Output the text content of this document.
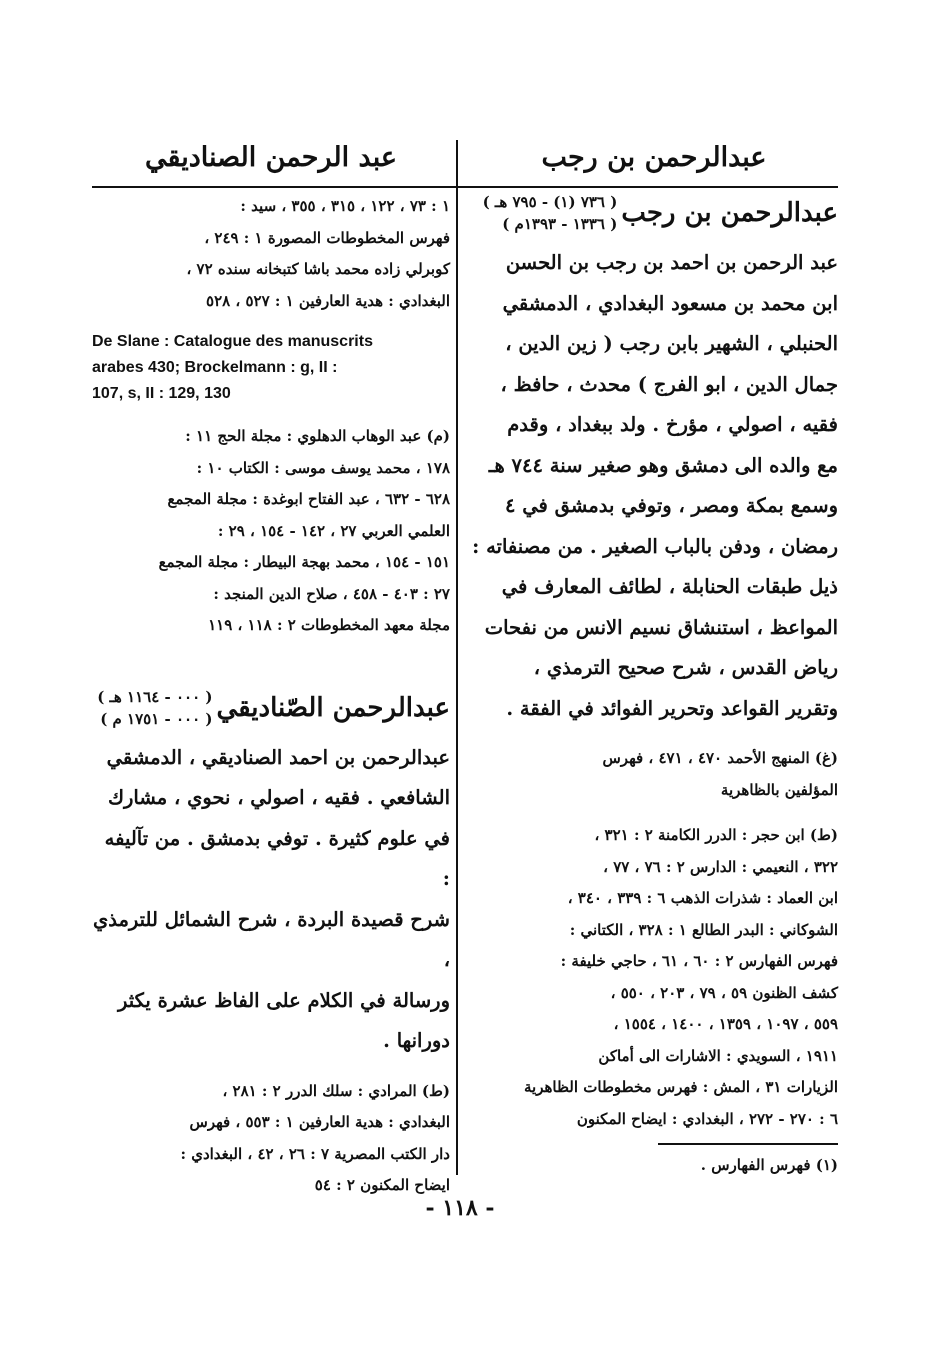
عبدالرحمن بن رجب
عبدالرحمن بن رجب
( ٧٣٦ (١) - ٧٩٥ هـ )
( ١٣٣٦ - ١٣٩٣م )

عبد الرحمن بن احمد بن رجب بن الحسن

ابن محمد بن مسعود البغدادي ، الدمشقي

الحنبلي ، الشهير بابن رجب ( زين الدين ،

جمال الدين ، ابو الفرج ) محدث ، حافظ ،

فقيه ، اصولي ، مؤرخ . ولد ببغداد ، وقدم

مع والده الى دمشق وهو صغير سنة ٧٤٤ هـ

وسمع بمكة ومصر ، وتوفي بدمشق في ٤

رمضان ، ودفن بالباب الصغير . من مصنفاته :

ذيل طبقات الحنابلة ، لطائف المعارف في

المواعظ ، استنشاق نسيم الانس من نفحات

رياض القدس ، شرح صحيح الترمذي ،

وتقرير القواعد وتحرير الفوائد في الفقة .

(غ) المنهج الأحمد ٤٧٠ ، ٤٧١ ، فهرس

المؤلفين بالظاهرية

(ط) ابن حجر : الدرر الكامنة ٢ : ٣٢١ ،

٣٢٢ ، النعيمي : الدارس ٢ : ٧٦ ، ٧٧ ،

ابن العماد : شذرات الذهب ٦ : ٣٣٩ ، ٣٤٠ ،

الشوكاني : البدر الطالع ١ : ٣٢٨ ، الكتاني :

فهرس الفهارس ٢ : ٦٠ ، ٦١ ، حاجي خليفة :

كشف الظنون ٥٩ ، ٧٩ ، ٢٠٣ ، ٥٥٠ ،

٥٥٩ ، ١٠٩٧ ، ١٣٥٩ ، ١٤٠٠ ، ١٥٥٤ ،

١٩١١ ، السويدي : الاشارات الى أماكن

الزيارات ٣١ ، المش : فهرس مخطوطات الظاهرية

٦ : ٢٧٠ - ٢٧٢ ، البغدادي : ايضاح المكنون

(١) فهرس الفهارس .
عبد الرحمن الصناديقي

١ : ٧٣ ، ١٢٢ ، ٣١٥ ، ٣٥٥ ، سيد :

فهرس المخطوطات المصورة ١ : ٢٤٩ ،

كوبرلي زاده محمد باشا كتبخانه سنده ٧٢ ،

البغدادي : هدية العارفين ١ : ٥٢٧ ، ٥٢٨

De Slane : Catalogue des manuscrits

arabes 430; Brockelmann : g, II :

107, s, II : 129, 130

(م) عبد الوهاب الدهلوي : مجلة الحج ١١ :

١٧٨ ، محمد يوسف موسى : الكتاب ١٠ :

٦٢٨ - ٦٣٢ ، عبد الفتاح ابوغدة : مجلة المجمع

العلمي العربي ٢٧ ، ١٤٢ - ١٥٤ ، ٢٩ :

١٥١ - ١٥٤ ، محمد بهجة البيطار : مجلة المجمع

٢٧ : ٤٠٣ - ٤٥٨ ، صلاح الدين المنجد :

مجلة معهد المخطوطات ٢ : ١١٨ ، ١١٩

عبدالرحمن الصّناديقي
( ٠٠٠ - ١١٦٤ هـ )
( ٠٠٠ - ١٧٥١ م )

عبدالرحمن بن احمد الصناديقي ، الدمشقي

الشافعي . فقيه ، اصولي ، نحوي ، مشارك

في علوم كثيرة . توفي بدمشق . من تآليفه :

شرح قصيدة البردة ، شرح الشمائل للترمذي ،

ورسالة في الكلام على الفاظ عشرة يكثر

دورانها .

(ط) المرادي : سلك الدرر ٢ : ٢٨١ ،

البغدادي : هدية العارفين ١ : ٥٥٣ ، فهرس

دار الكتب المصرية ٧ : ٢٦ ، ٤٢ ، البغدادي :

ايضاح المكنون ٢ : ٥٤

- ١١٨ -
